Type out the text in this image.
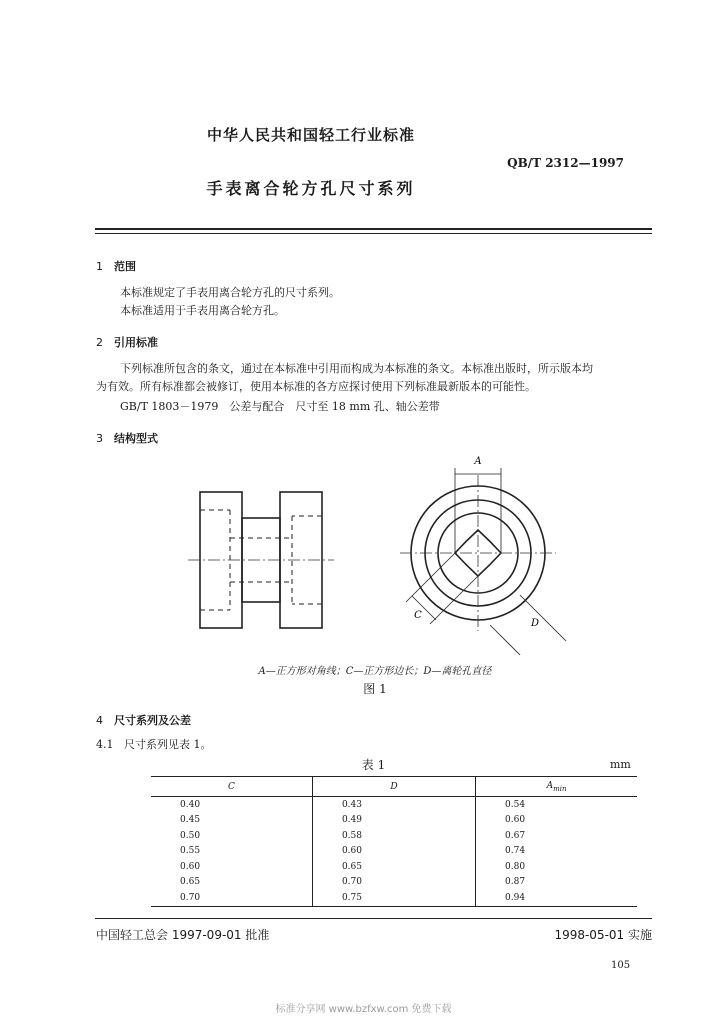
中华人民共和国轻工行业标准
QB/T 2312—1997
手表离合轮方孔尺寸系列
1 范围
本标准规定了手表用离合轮方孔的尺寸系列。
本标准适用于手表用离合轮方孔。
2 引用标准
下列标准所包含的条文，通过在本标准中引用而构成为本标准的条文。本标准出版时，所示版本均
为有效。所有标准都会被修订，使用本标准的各方应探讨使用下列标准最新版本的可能性。
GB/T 1803－1979　公差与配合　尺寸至 18 mm 孔、轴公差带
3 结构型式
A
C
D
A—正方形对角线；C—正方形边长；D—离轮孔直径
图 1
4 尺寸系列及公差
4.1 尺寸系列见表 1。
表 1	mm
C	D	$A_{min}$
0.40	0.43	0.54
0.45	0.49	0.60
0.50	0.58	0.67
0.55	0.60	0.74
0.60	0.65	0.80
0.65	0.70	0.87
0.70	0.75	0.94
中国轻工总会 1997-09-01 批准	1998-05-01 实施
105
标准分享网 www.bzfxw.com 免费下载
